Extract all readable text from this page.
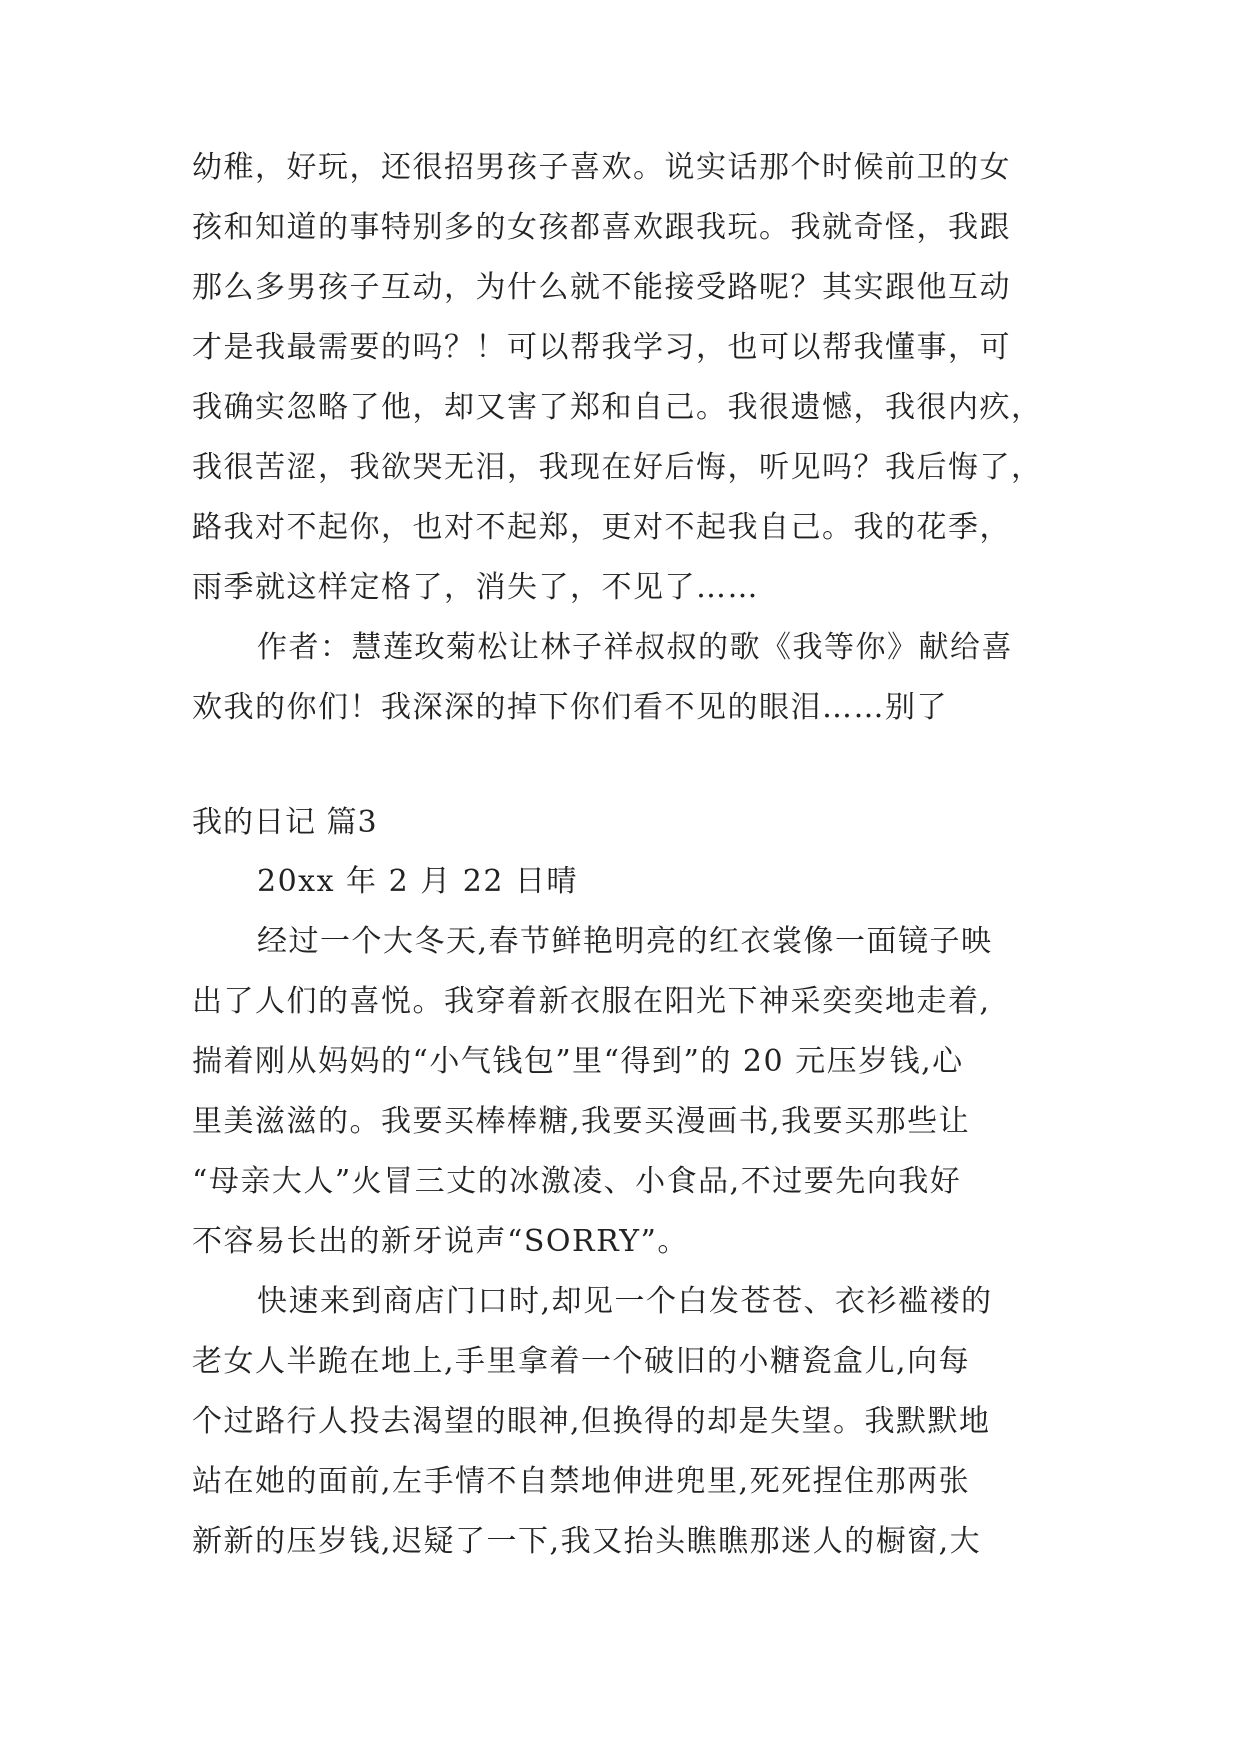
幼稚，好玩，还很招男孩子喜欢。说实话那个时候前卫的女
孩和知道的事特别多的女孩都喜欢跟我玩。我就奇怪，我跟
那么多男孩子互动，为什么就不能接受路呢？其实跟他互动
才是我最需要的吗？！可以帮我学习，也可以帮我懂事，可
我确实忽略了他，却又害了郑和自己。我很遗憾，我很内疚，
我很苦涩，我欲哭无泪，我现在好后悔，听见吗？我后悔了，
路我对不起你，也对不起郑，更对不起我自己。我的花季，
雨季就这样定格了，消失了，不见了……
作者：慧莲玫菊松让林子祥叔叔的歌《我等你》献给喜
欢我的你们！我深深的掉下你们看不见的眼泪……别了
我的日记 篇3
20xx 年 2 月 22 日晴
经过一个大冬天,春节鲜艳明亮的红衣裳像一面镜子映
出了人们的喜悦。我穿着新衣服在阳光下神采奕奕地走着,
揣着刚从妈妈的“小气钱包”里“得到”的 20 元压岁钱,心
里美滋滋的。我要买棒棒糖,我要买漫画书,我要买那些让
“母亲大人”火冒三丈的冰激凌、小食品,不过要先向我好
不容易长出的新牙说声“SORRY”。
快速来到商店门口时,却见一个白发苍苍、衣衫褴褛的
老女人半跪在地上,手里拿着一个破旧的小糖瓷盒儿,向每
个过路行人投去渴望的眼神,但换得的却是失望。我默默地
站在她的面前,左手情不自禁地伸进兜里,死死捏住那两张
新新的压岁钱,迟疑了一下,我又抬头瞧瞧那迷人的橱窗,大
